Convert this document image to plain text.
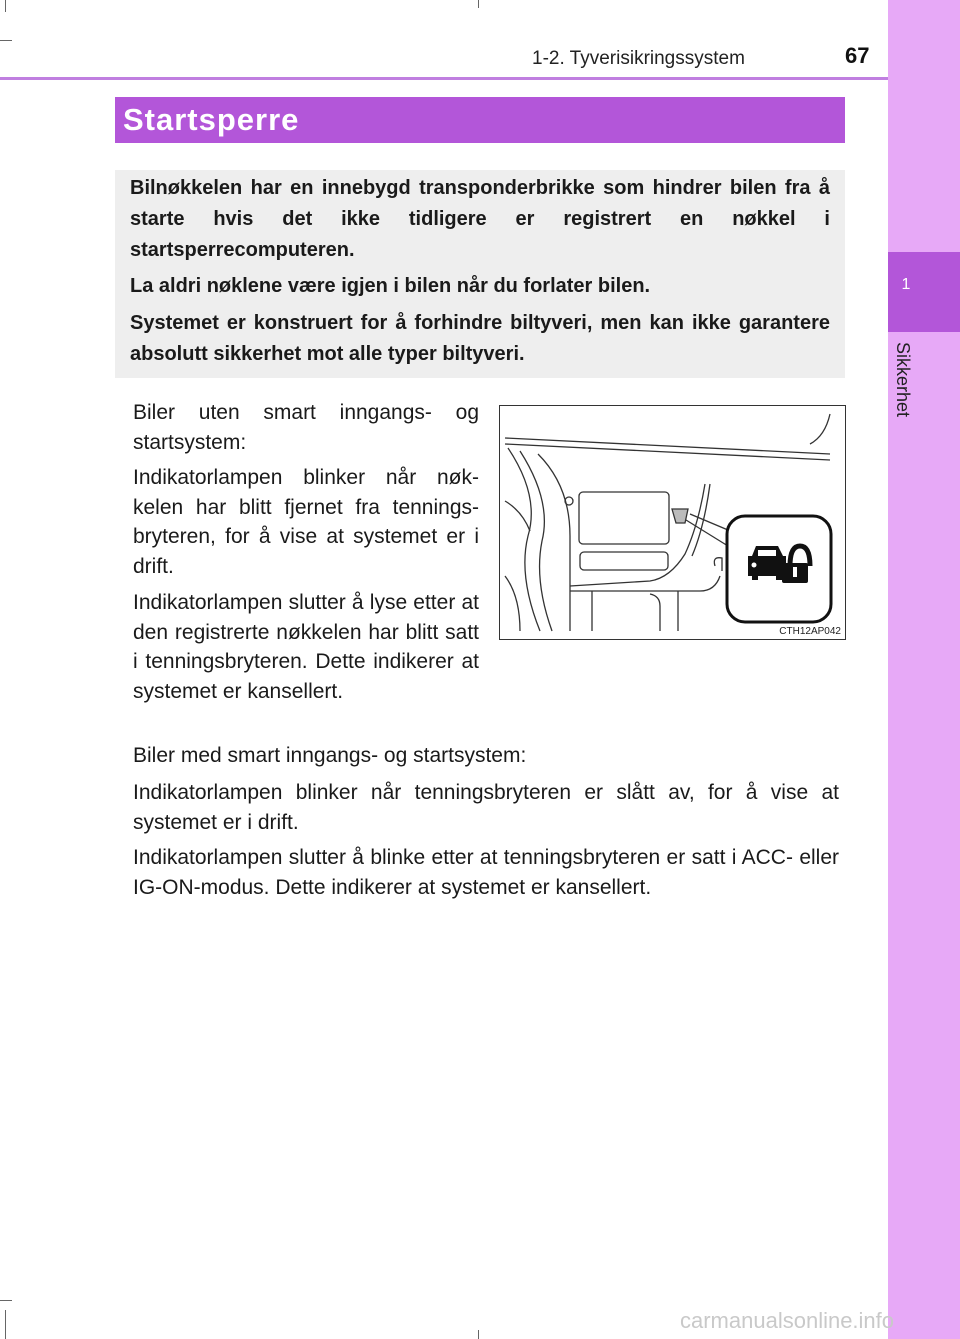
1
Sikkerhet
1-2. Tyverisikringssystem	67
Startsperre

Bilnøkkelen har en innebygd transponderbrikke som hindrer bilen fra å starte hvis det ikke tidligere er registrert en nøkkel i startsperrecomputeren.

La aldri nøklene være igjen i bilen når du forlater bilen.

Systemet er konstruert for å forhindre biltyveri, men kan ikke garantere absolutt sikkerhet mot alle typer biltyveri.

Biler uten smart inngangs- og startsystem:

Indikatorlampen blinker når nøk-kelen har blitt fjernet fra tennings-bryteren, for å vise at systemet er i drift.

Indikatorlampen slutter å lyse etter at den registrerte nøkkelen har blitt satt i tenningsbryteren. Dette indikerer at systemet er kansellert.

Biler med smart inngangs- og startsystem:

Indikatorlampen blinker når tenningsbryteren er slått av, for å vise at systemet er i drift.

Indikatorlampen slutter å blinke etter at tenningsbryteren er satt i ACC- eller IG-ON-modus. Dette indikerer at systemet er kansellert.

CTH12AP042
carmanualsonline.info
